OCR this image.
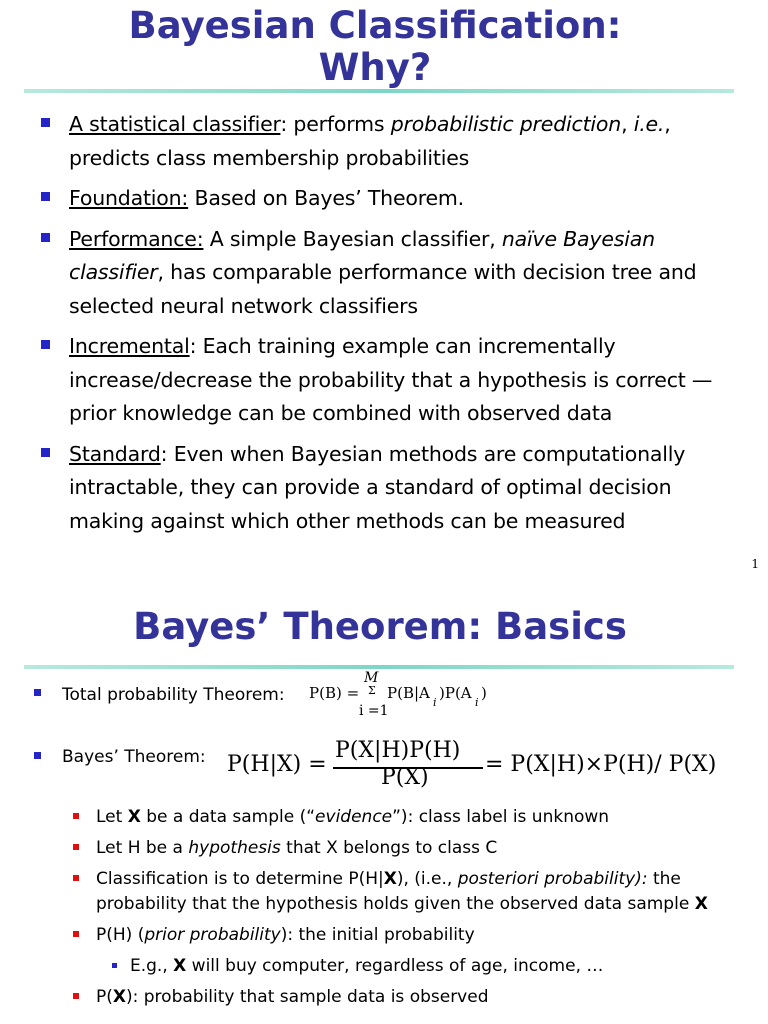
Bayesian Classification:
Why?
A statistical classifier: performs probabilistic prediction, i.e., predicts class membership probabilities
Foundation: Based on Bayes’ Theorem.
Performance: A simple Bayesian classifier, naïve Bayesian classifier, has comparable performance with decision tree and selected neural network classifiers
Incremental: Each training example can incrementally increase/decrease the probability that a hypothesis is correct — prior knowledge can be combined with observed data
Standard: Even when Bayesian methods are computationally intractable, they can provide a standard of optimal decision making against which other methods can be measured
1
Bayes’ Theorem: Basics
Total probability Theorem: P(B) =
M
Σ
i =1
P(B|A
i
)P(A
i
)
Bayes’ Theorem: P(H|X) =
P(X|H)P(H)
P(X)
= P(X|H)×P(H)/ P(X)
Let X be a data sample (“evidence”): class label is unknown
Let H be a hypothesis that X belongs to class C
Classification is to determine P(H|X), (i.e., posteriori probability): the probability that the hypothesis holds given the observed data sample X
P(H) (prior probability): the initial probability
E.g., X will buy computer, regardless of age, income, …
P(X): probability that sample data is observed
